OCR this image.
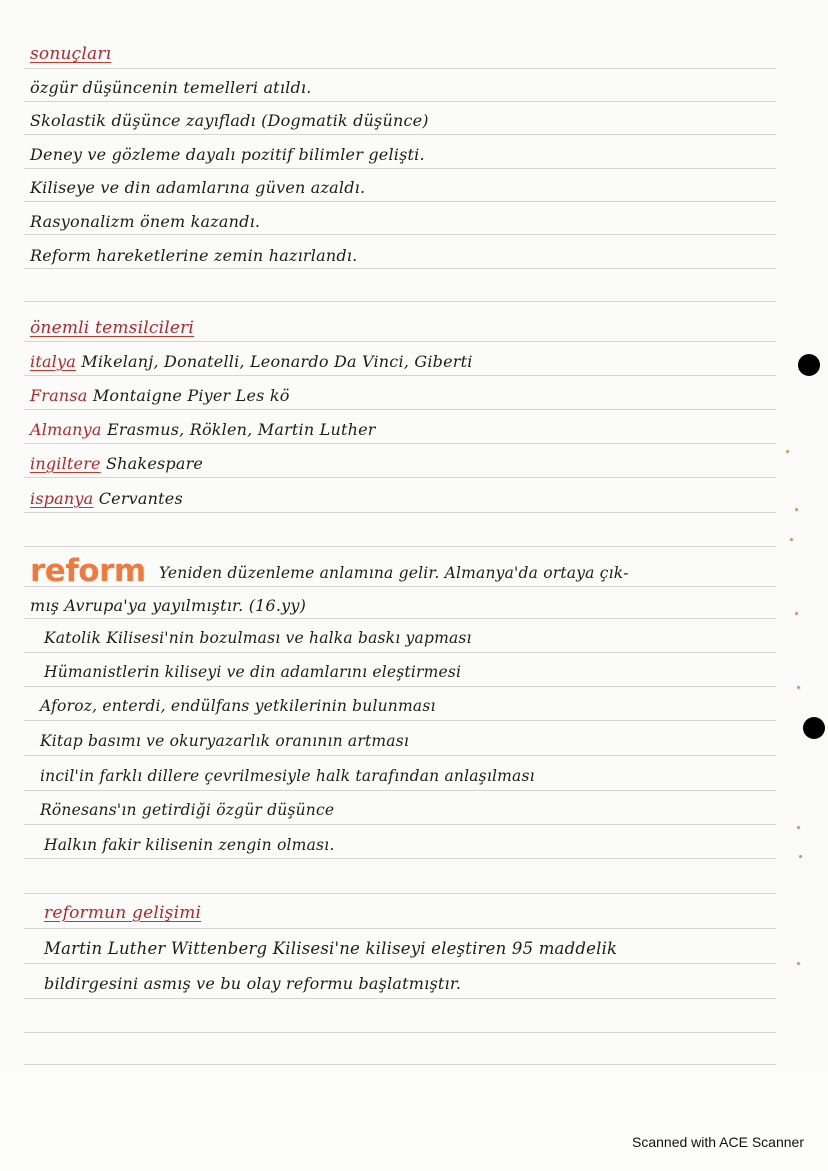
sonuçları
özgür düşüncenin temelleri atıldı.
Skolastik düşünce zayıfladı (Dogmatik düşünce)
Deney ve gözleme dayalı pozitif bilimler gelişti.
Kiliseye ve din adamlarına güven azaldı.
Rasyonalizm önem kazandı.
Reform hareketlerine zemin hazırlandı.
önemli temsilcileri
italya Mikelanj, Donatelli, Leonardo Da Vinci, Giberti
Fransa Montaigne Piyer Les kö
Almanya Erasmus, Röklen, Martin Luther
ingiltere Shakespare
ispanya Cervantes
reform Yeniden düzenleme anlamına gelir. Almanya'da ortaya çık-
mış Avrupa'ya yayılmıştır. (16.yy)
Katolik Kilisesi'nin bozulması ve halka baskı yapması
Hümanistlerin kiliseyi ve din adamlarını eleştirmesi
Aforoz, enterdi, endülfans yetkilerinin bulunması
Kitap basımı ve okuryazarlık oranının artması
incil'in farklı dillere çevrilmesiyle halk tarafından anlaşılması
Rönesans'ın getirdiği özgür düşünce
Halkın fakir kilisenin zengin olması.
reformun gelişimi
Martin Luther Wittenberg Kilisesi'ne kiliseyi eleştiren 95 maddelik
bildirgesini asmış ve bu olay reformu başlatmıştır.
Scanned with ACE Scanner
